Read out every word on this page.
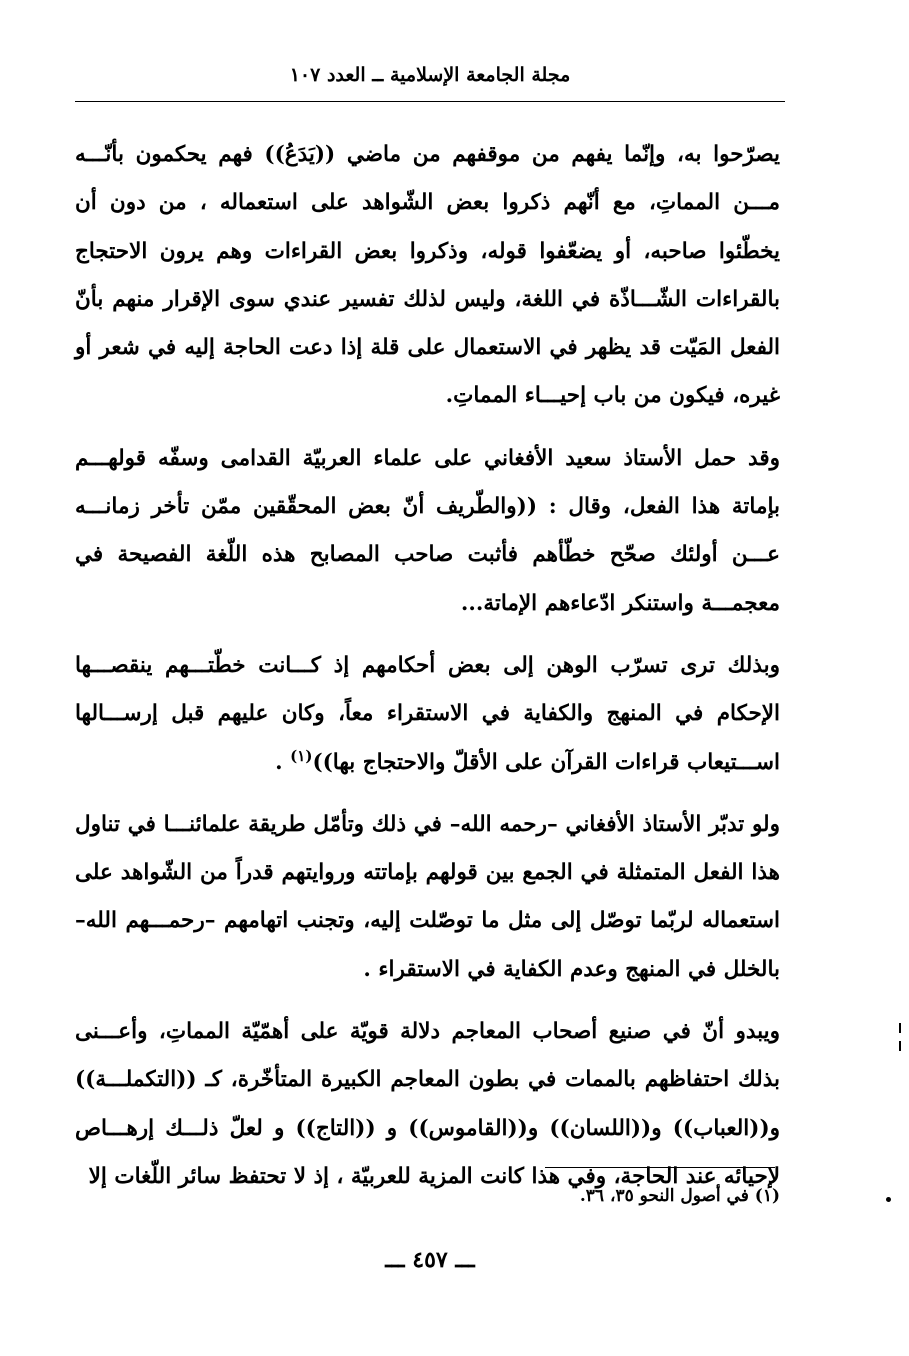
مجلة الجامعة الإسلامية ــ العدد ١٠٧

يصرّحوا به، وإنّما يفهم من موقفهم من ماضي ((يَدَعُ)) فهم يحكمون بأنّـــه مـــن المماتِ، مع أنّهم ذكروا بعض الشّواهد على استعماله ، من دون أن يخطّئوا صاحبه، أو يضعّفوا قوله، وذكروا بعض القراءات وهم يرون الاحتجاج بالقراءات الشّـــاذّة في اللغة، وليس لذلك تفسير عندي سوى الإقرار منهم بأنّ الفعل المَيّت قد يظهر في الاستعمال على قلة إذا دعت الحاجة إليه في شعر أو غيره، فيكون من باب إحيـــاء المماتِ.

وقد حمل الأستاذ سعيد الأفغاني على علماء العربيّة القدامى وسفّه قولهـــم بإماتة هذا الفعل، وقال : ((والطّريف أنّ بعض المحقّقين ممّن تأخر زمانـــه عـــن أولئك صحّح خطّأهم فأثبت صاحب المصابح هذه اللّغة الفصيحة في معجمـــة واستنكر ادّعاءهم الإماتة...

وبذلك ترى تسرّب الوهن إلى بعض أحكامهم إذ كـــانت خطّتـــهم ينقصـــها الإحكام في المنهج والكفاية في الاستقراء معاً، وكان عليهم قبل إرســـالها اســـتيعاب قراءات القرآن على الأقلّ والاحتجاج بها))$^{(١)}$ .

ولو تدبّر الأستاذ الأفغاني –رحمه الله– في ذلك وتأمّل طريقة علمائنـــا في تناول هذا الفعل المتمثلة في الجمع بين قولهم بإماتته وروايتهم قدراً من الشّواهد على استعماله لربّما توصّل إلى مثل ما توصّلت إليه، وتجنب اتهامهم –رحمـــهم الله– بالخلل في المنهج وعدم الكفاية في الاستقراء .

ويبدو أنّ في صنيع أصحاب المعاجم دلالة قويّة على أهمّيّة المماتِ، وأعـــنى بذلك احتفاظهم بالممات في بطون المعاجم الكبيرة المتأخّرة، كـ ((التكملـــة)) و((العباب)) و((اللسان)) و((القاموس)) و ((التاج)) و لعلّ ذلـــك إرهـــاص لإحيائه عند الحاجة، وفي هذا كانت المزية للعربيّة ، إذ لا تحتفظ سائر اللّغات إلا

(١) في أصول النحو ٣٥، ٣٦.
ـــ ٤٥٧ ـــ
